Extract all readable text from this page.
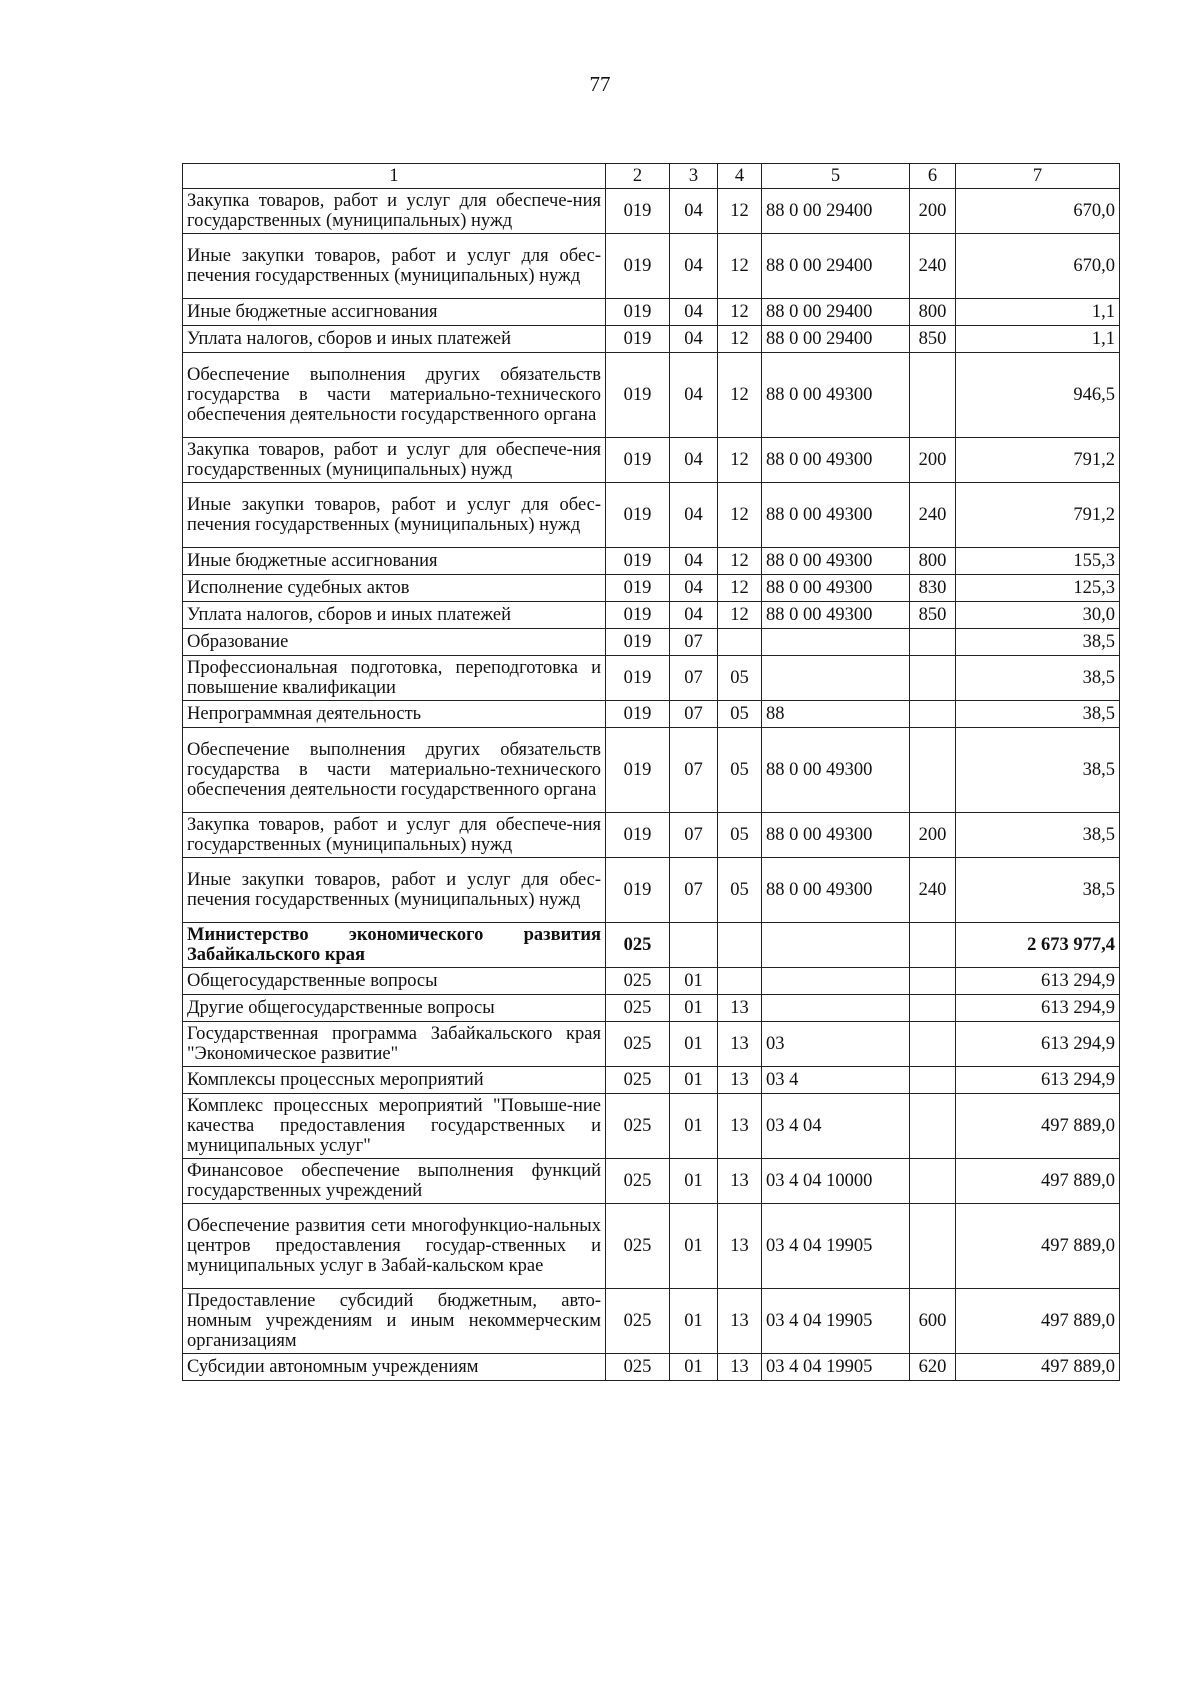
77
1	2	3	4	5	6	7
Закупка товаров, работ и услуг для обеспече-ния государственных (муниципальных) нужд	019	04	12	88 0 00 29400	200	670,0
Иные закупки товаров, работ и услуг для обес-печения государственных (муниципальных) нужд	019	04	12	88 0 00 29400	240	670,0
Иные бюджетные ассигнования	019	04	12	88 0 00 29400	800	1,1
Уплата налогов, сборов и иных платежей	019	04	12	88 0 00 29400	850	1,1
Обеспечение выполнения других обязательств государства в части материально-технического обеспечения деятельности государственного органа	019	04	12	88 0 00 49300		946,5
Закупка товаров, работ и услуг для обеспече-ния государственных (муниципальных) нужд	019	04	12	88 0 00 49300	200	791,2
Иные закупки товаров, работ и услуг для обес-печения государственных (муниципальных) нужд	019	04	12	88 0 00 49300	240	791,2
Иные бюджетные ассигнования	019	04	12	88 0 00 49300	800	155,3
Исполнение судебных актов	019	04	12	88 0 00 49300	830	125,3
Уплата налогов, сборов и иных платежей	019	04	12	88 0 00 49300	850	30,0
Образование	019	07				38,5
Профессиональная подготовка, переподготовка и повышение квалификации	019	07	05			38,5
Непрограммная деятельность	019	07	05	88		38,5
Обеспечение выполнения других обязательств государства в части материально-технического обеспечения деятельности государственного органа	019	07	05	88 0 00 49300		38,5
Закупка товаров, работ и услуг для обеспече-ния государственных (муниципальных) нужд	019	07	05	88 0 00 49300	200	38,5
Иные закупки товаров, работ и услуг для обес-печения государственных (муниципальных) нужд	019	07	05	88 0 00 49300	240	38,5
Министерство экономического развития Забайкальского края	025					2 673 977,4
Общегосударственные вопросы	025	01				613 294,9
Другие общегосударственные вопросы	025	01	13			613 294,9
Государственная программа Забайкальского края "Экономическое развитие"	025	01	13	03		613 294,9
Комплексы процессных мероприятий	025	01	13	03 4		613 294,9
Комплекс процессных мероприятий "Повыше-ние качества предоставления государственных и муниципальных услуг"	025	01	13	03 4 04		497 889,0
Финансовое обеспечение выполнения функций государственных учреждений	025	01	13	03 4 04 10000		497 889,0
Обеспечение развития сети многофункцио-нальных центров предоставления государ-ственных и муниципальных услуг в Забай-кальском крае	025	01	13	03 4 04 19905		497 889,0
Предоставление субсидий бюджетным, авто-номным учреждениям и иным некоммерческим организациям	025	01	13	03 4 04 19905	600	497 889,0
Субсидии автономным учреждениям	025	01	13	03 4 04 19905	620	497 889,0
